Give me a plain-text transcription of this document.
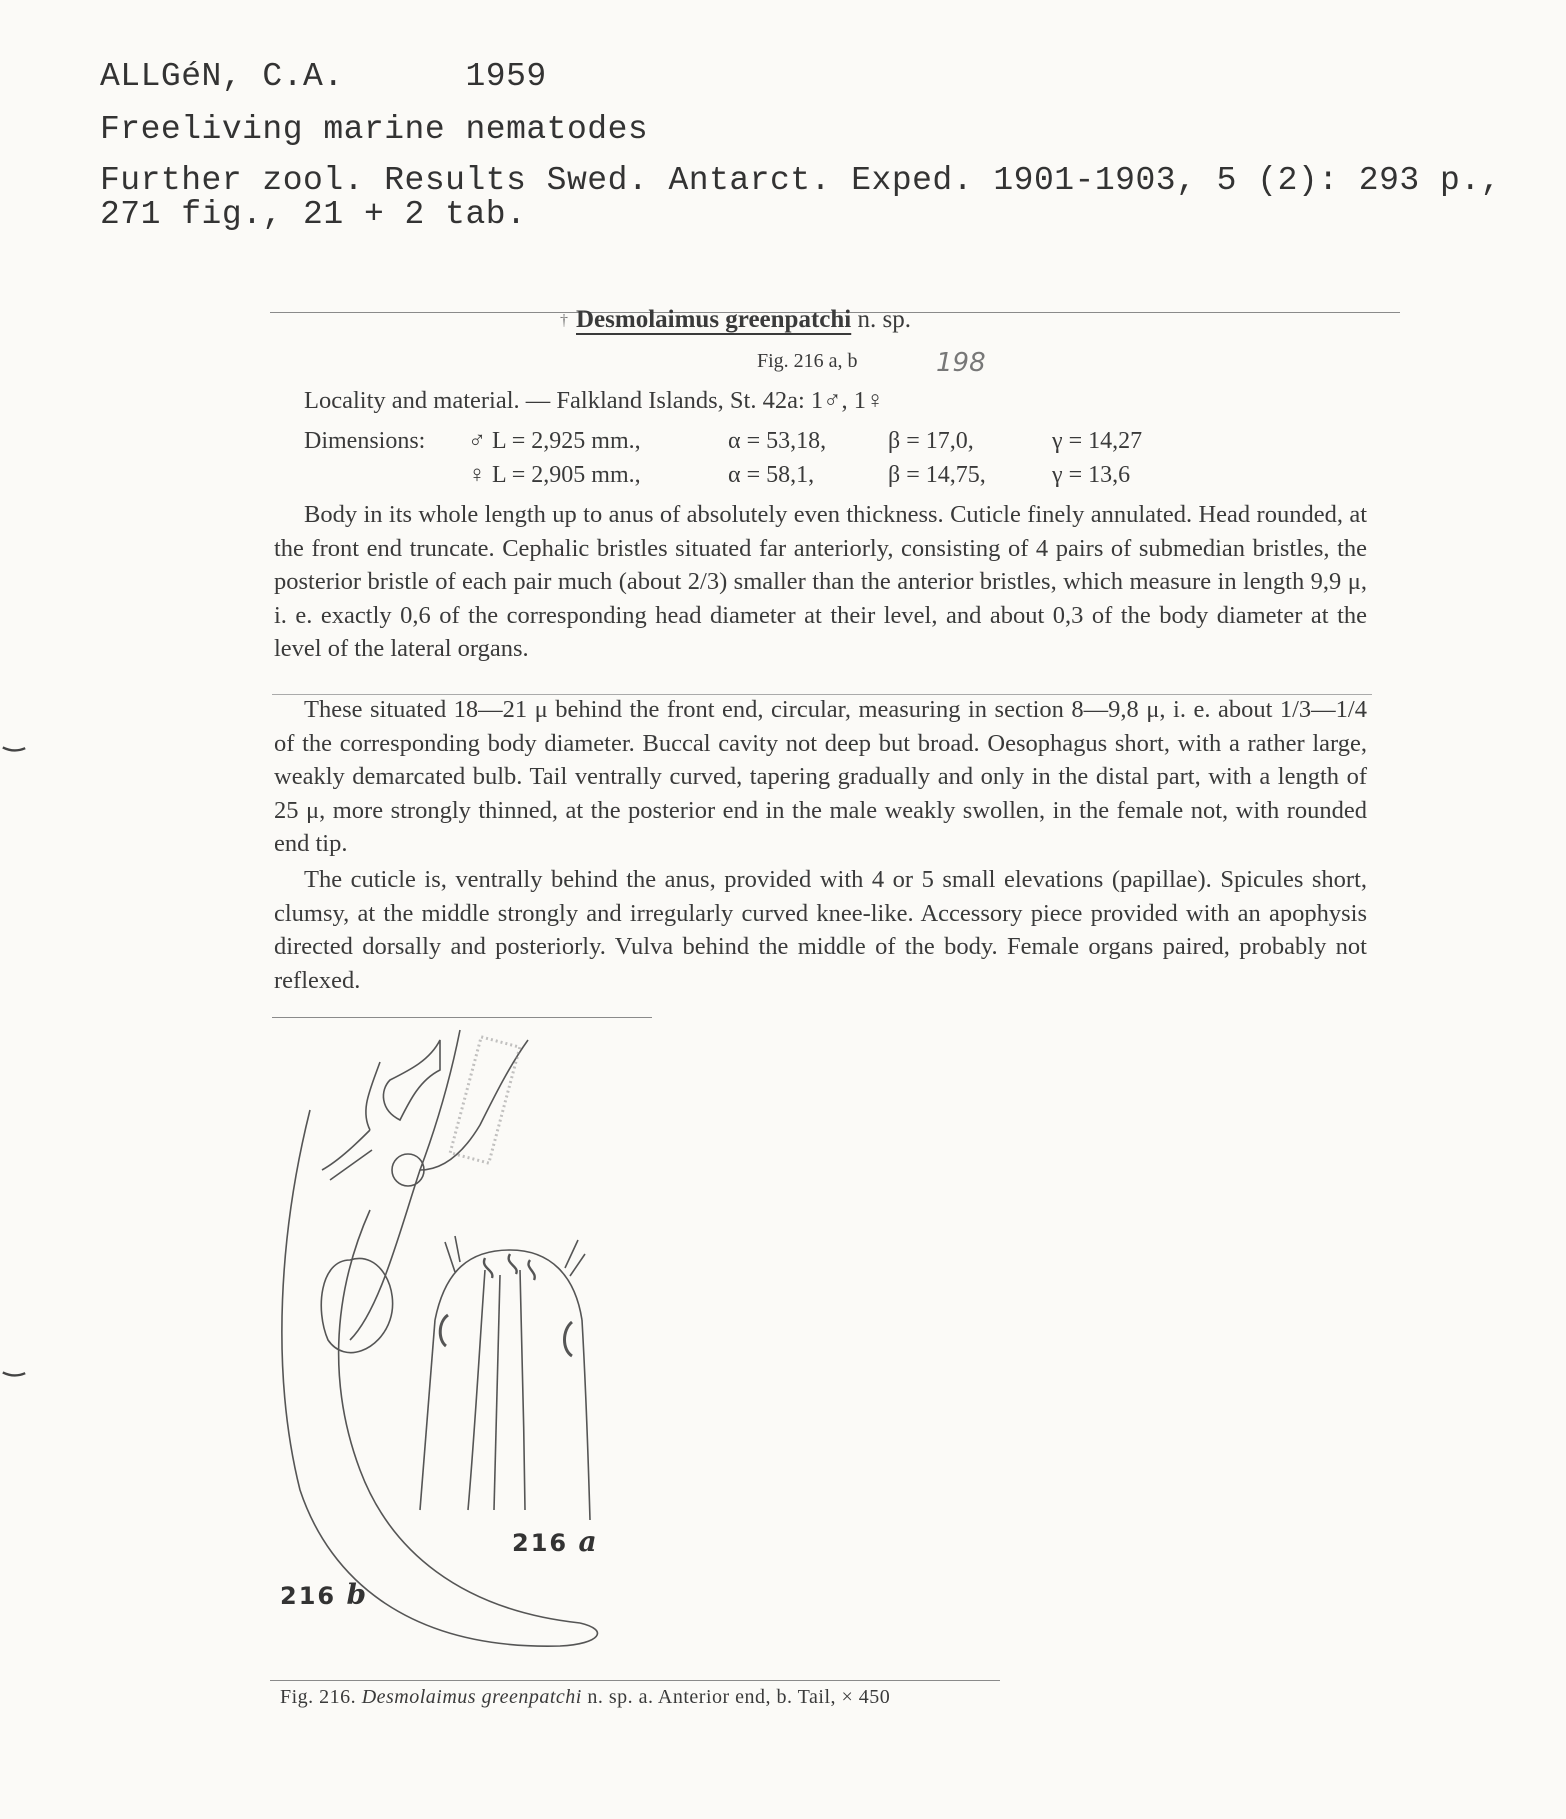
ALLGéN, C.A.	1959
Freeliving marine nematodes
Further zool. Results Swed. Antarct. Exped. 1901-1903, 5 (2): 293 p.,
271 fig., 21 + 2 tab.
† Desmolaimus greenpatchi n. sp.
Fig. 216 a, b	198
Locality and material. — Falkland Islands, St. 42a: 1♂, 1♀
Dimensions: ♂ L = 2,925 mm.,	α = 53,18,	β = 17,0,	γ = 14,27
♀ L = 2,905 mm.,	α = 58,1,	β = 14,75,	γ = 13,6
Body in its whole length up to anus of absolutely even thickness. Cuticle finely annulated. Head rounded, at the front end truncate. Cephalic bristles situated far anteriorly, consisting of 4 pairs of submedian bristles, the posterior bristle of each pair much (about 2/3) smaller than the anterior bristles, which measure in length 9,9 μ, i. e. exactly 0,6 of the corresponding head diameter at their level, and about 0,3 of the body diameter at the level of the lateral organs.
These situated 18—21 μ behind the front end, circular, measuring in section 8—9,8 μ, i. e. about 1/3—1/4 of the corresponding body diameter. Buccal cavity not deep but broad. Oesophagus short, with a rather large, weakly demarcated bulb. Tail ventrally curved, tapering gradually and only in the distal part, with a length of 25 μ, more strongly thinned, at the posterior end in the male weakly swollen, in the female not, with rounded end tip.
The cuticle is, ventrally behind the anus, provided with 4 or 5 small elevations (papillae). Spicules short, clumsy, at the middle strongly and irregularly curved knee-like. Accessory piece provided with an apophysis directed dorsally and posteriorly. Vulva behind the middle of the body. Female organs paired, probably not reflexed.
216 a
216 b
Fig. 216. Desmolaimus greenpatchi n. sp. a. Anterior end, b. Tail, × 450
